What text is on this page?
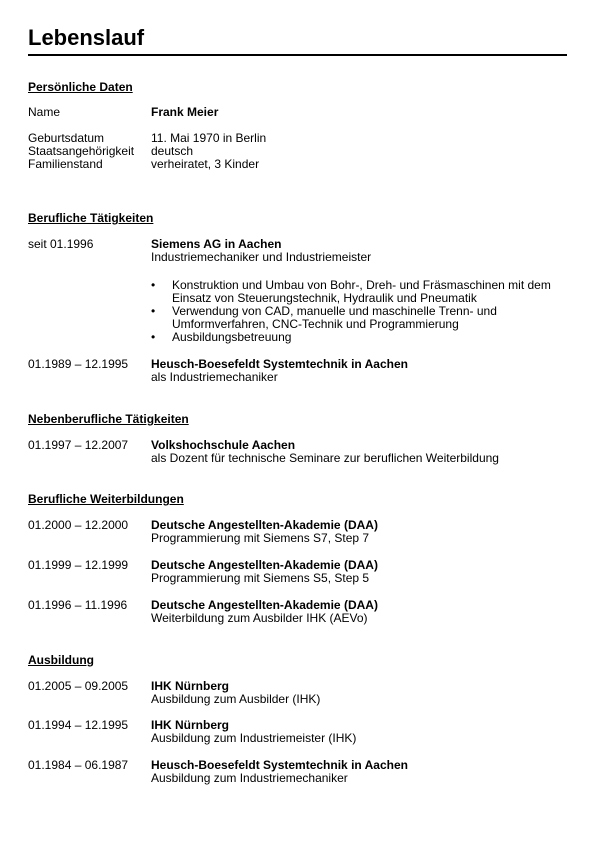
Lebenslauf
Persönliche Daten
Name	Frank Meier
Geburtsdatum	11. Mai 1970 in Berlin
Staatsangehörigkeit	deutsch
Familienstand	verheiratet, 3 Kinder
Berufliche Tätigkeiten
seit 01.1996	Siemens AG in Aachen
Industriemechaniker und Industriemeister
• Konstruktion und Umbau von Bohr-, Dreh- und Fräsmaschinen mit dem
Einsatz von Steuerungstechnik, Hydraulik und Pneumatik
• Verwendung von CAD, manuelle und maschinelle Trenn- und
Umformverfahren, CNC-Technik und Programmierung
• Ausbildungsbetreuung
01.1989 – 12.1995	Heusch-Boesefeldt Systemtechnik in Aachen
als Industriemechaniker
Nebenberufliche Tätigkeiten
01.1997 – 12.2007	Volkshochschule Aachen
als Dozent für technische Seminare zur beruflichen Weiterbildung
Berufliche Weiterbildungen
01.2000 – 12.2000	Deutsche Angestellten-Akademie (DAA)
Programmierung mit Siemens S7, Step 7
01.1999 – 12.1999	Deutsche Angestellten-Akademie (DAA)
Programmierung mit Siemens S5, Step 5
01.1996 – 11.1996	Deutsche Angestellten-Akademie (DAA)
Weiterbildung zum Ausbilder IHK (AEVo)
Ausbildung
01.2005 – 09.2005	IHK Nürnberg
Ausbildung zum Ausbilder (IHK)
01.1994 – 12.1995	IHK Nürnberg
Ausbildung zum Industriemeister (IHK)
01.1984 – 06.1987	Heusch-Boesefeldt Systemtechnik in Aachen
Ausbildung zum Industriemechaniker
